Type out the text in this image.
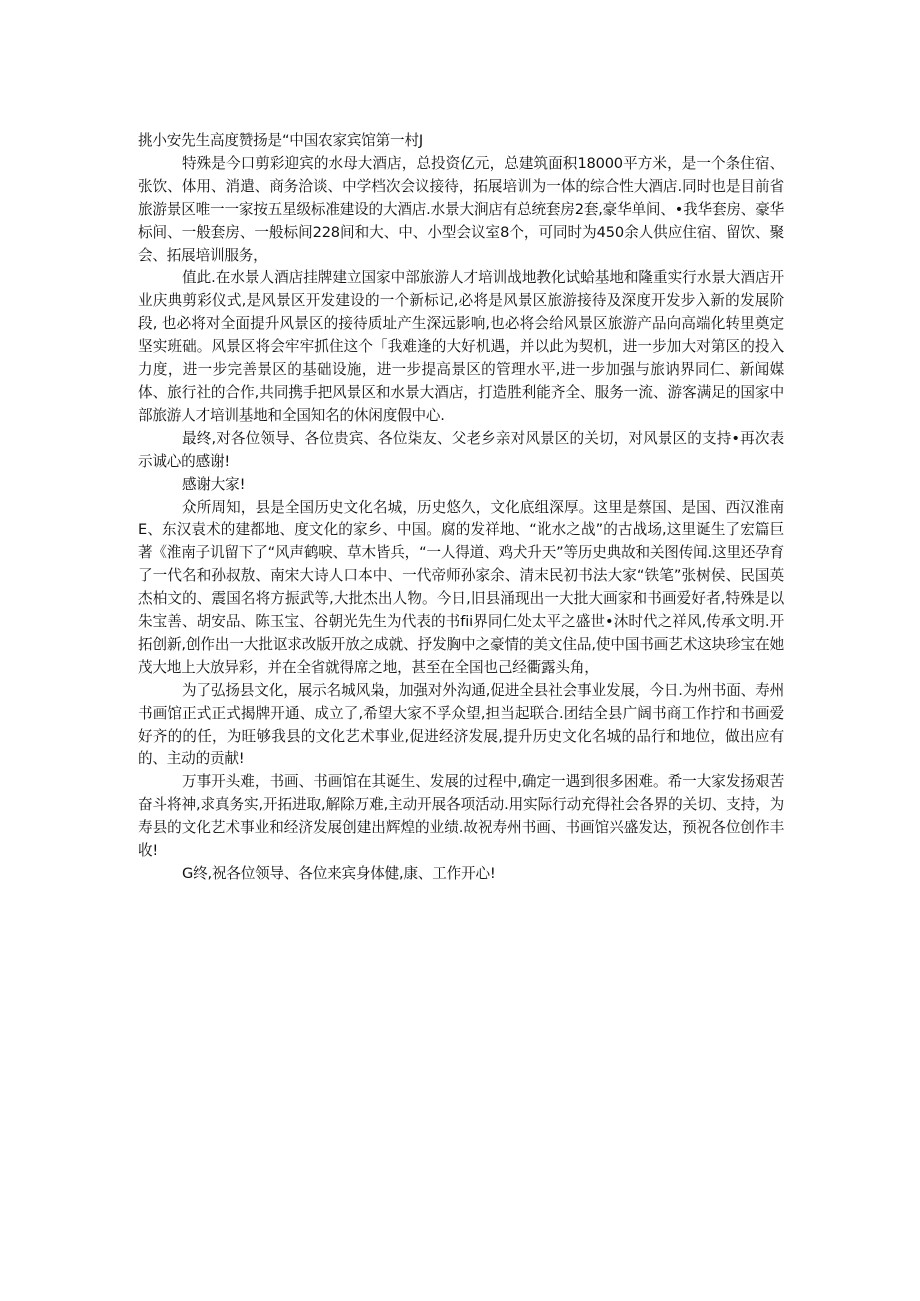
挑小安先生高度赞扬是“中国农家宾馆第一村J

特殊是今口剪彩迎宾的水母大酒店，总投资亿元，总建筑面积18000平方米，是一个条住宿、张饮、体用、消遣、商务洽谈、中学档次会议接待，拓展培训为一体的综合性大酒店.同时也是目前省旅游景区唯一一家按五星级标准建设的大酒店.水景大涧店有总统套房2套,豪华单间、•我华套房、豪华标间、一般套房、一般标间228间和大、中、小型会议室8个，可同时为450余人供应住宿、留饮、聚会、拓展培训服务，

值此.在水景人酒店挂牌建立国家中部旅游人才培训战地教化试蛤基地和隆重实行水景大酒店开业庆典剪彩仪式,是风景区开发建设的一个新标记,必将是风景区旅游接待及深度开发步入新的发展阶段, 也必将对全面提升风景区的接待质址产生深远影响,也必将会给风景区旅游产品向高端化转里奠定坚实班础。风景区将会牢牢抓住这个「我难逢的大好机遇，并以此为契机，进一步加大对第区的投入力度，进一步完善景区的基础设施，进一步提高景区的管理水平,进一步加强与旅讷界同仁、新闻媒体、旅行社的合作,共同携手把风景区和水景大酒店，打造胜利能齐全、服务一流、游客满足的国家中部旅游人才培训基地和全国知名的休闲度假中心.

最终,对各位领导、各位贵宾、各位柒友、父老乡亲对风景区的关切，对风景区的支持•再次表示诚心的感谢!

感谢大家!

众所周知，县是全国历史文化名城，历史悠久，文化底组深厚。这里是蔡国、是国、西汉淮南E、东汉袁术的建都地、度文化的家乡、中国。腐的发祥地、“讹水之战”的古战场,这里诞生了宏篇巨著《淮南子讥留下了“风声鹤唳、草木皆兵，“一人得道、鸡犬升天”等历史典故和关图传闻.这里还孕育了一代名和孙叔敖、南宋大诗人口本中、一代帝师孙家余、清末民初书法大家“铁笔”张树侯、民国英杰柏文的、震国名将方振武等,大批杰出人物。今日,旧县涌现出一大批大画家和书画爱好者,特殊是以朱宝善、胡安品、陈玉宝、谷朝光先生为代表的书fii界同仁处太平之盛世•沐时代之祥风,传承文明.开拓创新,创作出一大批讴求改版开放之成就、抒发胸中之豪情的美文住品,使中国书画艺术这块珍宝在她茂大地上大放异彩，并在全省就得席之地，甚至在全国也己经衢露头角，

为了弘扬县文化，展示名城风枭，加强对外沟通,促进全县社会事业发展，今日.为州书面、寿州书画馆正式正式揭牌开通、成立了,希望大家不孚众望,担当起联合.团结全县广阔书商工作拧和书画爱好齐的的任，为旺够我县的文化艺术事业,促进经济发展,提升历史文化名城的品行和地位，做出应有的、主动的贡献!

万事开头难，书画、书画馆在其诞生、发展的过程中,确定一遇到很多困难。希一大家发扬艰苦奋斗将神,求真务实,开拓进取,解除万难,主动开展各项活动.用实际行动充得社会各界的关切、支持，为寿县的文化艺术事业和经济发展创建出辉煌的业绩.故祝寿州书画、书画馆兴盛发达，预祝各位创作丰收!

G终,祝各位领导、各位来宾身体健,康、工作开心!
